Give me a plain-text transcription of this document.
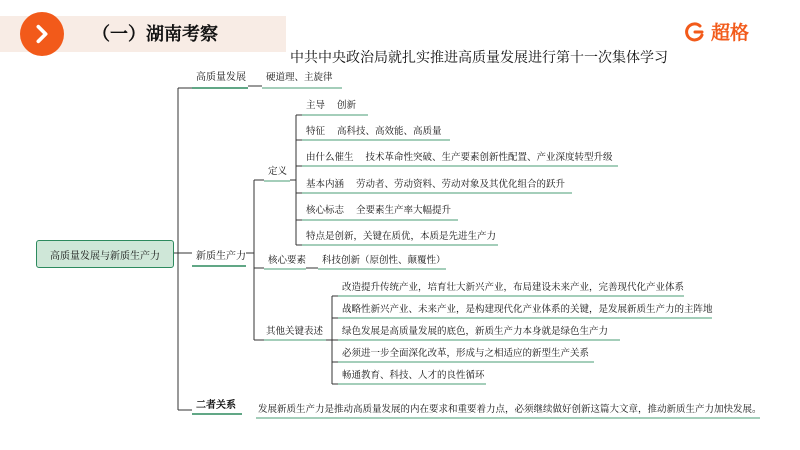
（一）湖南考察	超格
中共中央政治局就扎实推进高质量发展进行第十一次集体学习
高质量发展与新质生产力
高质量发展 硬道理、主旋律
新质生产力
定义
主导 创新
特征 高科技、高效能、高质量
由什么催生 技术革命性突破、生产要素创新性配置、产业深度转型升级
基本内涵 劳动者、劳动资料、劳动对象及其优化组合的跃升
核心标志 全要素生产率大幅提升
特点是创新，关键在质优，本质是先进生产力
核心要素 科技创新（原创性、颠覆性）
其他关键表述
改造提升传统产业，培育壮大新兴产业，布局建设未来产业，完善现代化产业体系
战略性新兴产业、未来产业，是构建现代化产业体系的关键，是发展新质生产力的主阵地
绿色发展是高质量发展的底色，新质生产力本身就是绿色生产力
必须进一步全面深化改革，形成与之相适应的新型生产关系
畅通教育、科技、人才的良性循环
二者关系 发展新质生产力是推动高质量发展的内在要求和重要着力点，必须继续做好创新这篇大文章，推动新质生产力加快发展。
